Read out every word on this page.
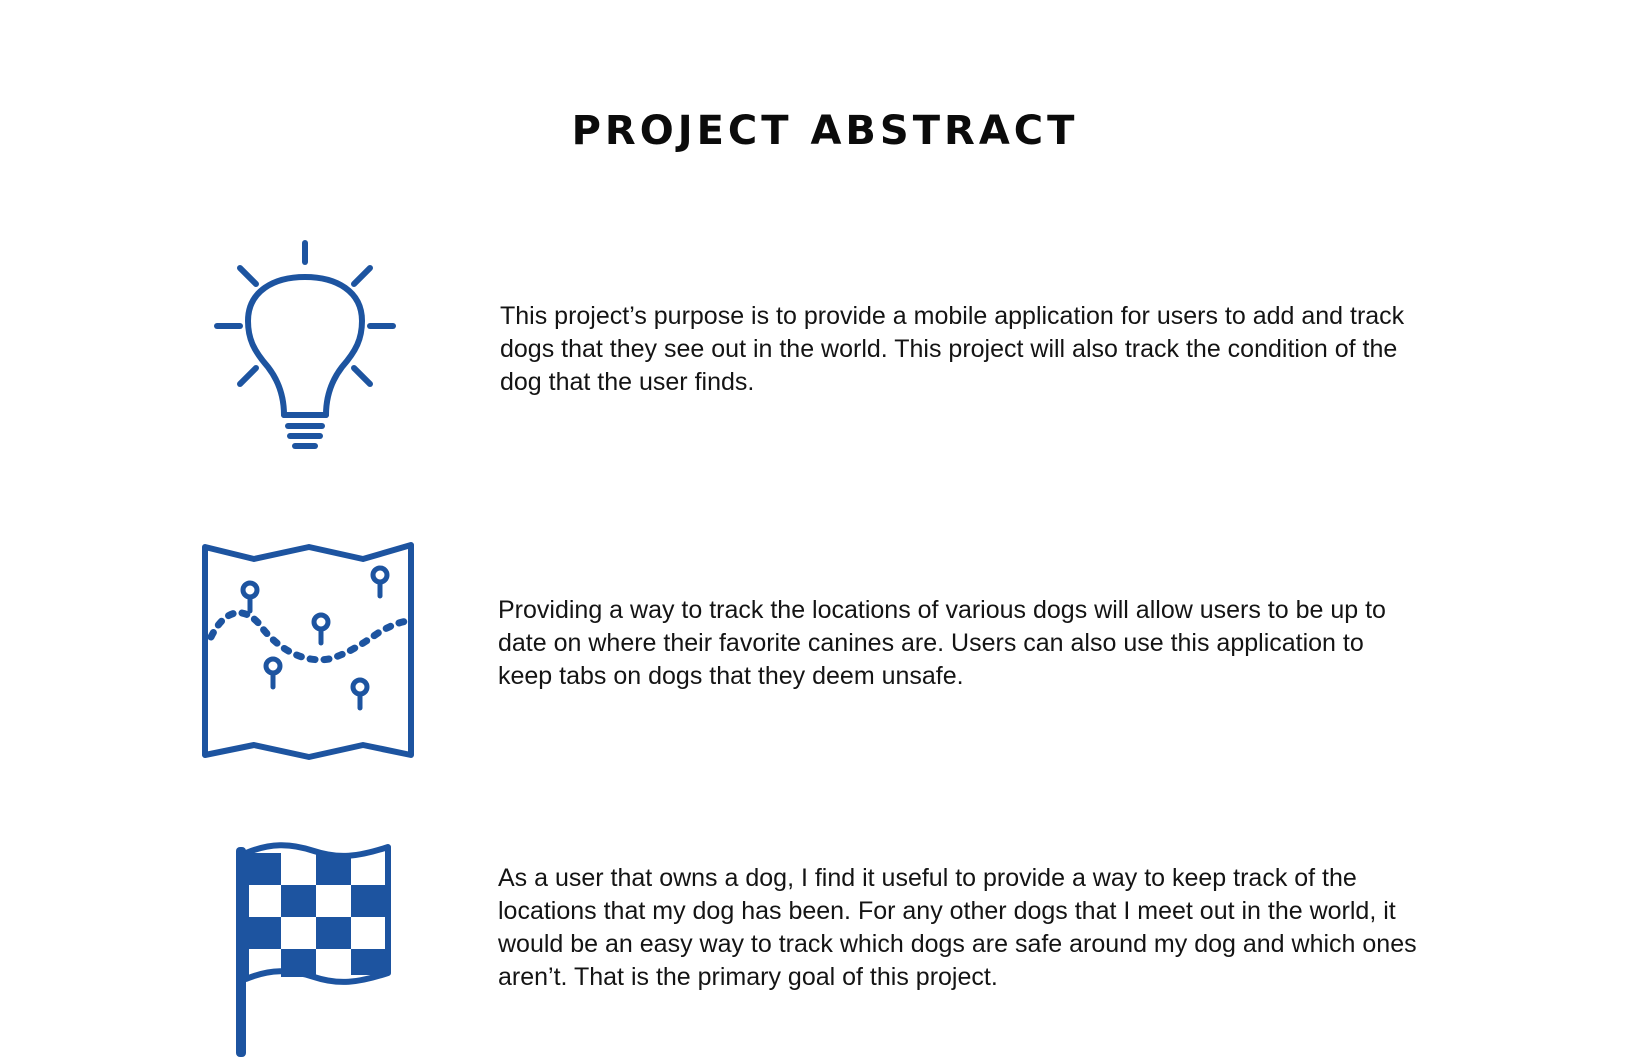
PROJECT ABSTRACT

This project’s purpose is to provide a mobile application for users to add and track dogs that they see out in the world. This project will also track the condition of the dog that the user finds.

Providing a way to track the locations of various dogs will allow users to be up to date on where their favorite canines are. Users can also use this application to keep tabs on dogs that they deem unsafe.

As a user that owns a dog, I find it useful to provide a way to keep track of the locations that my dog has been. For any other dogs that I meet out in the world, it would be an easy way to track which dogs are safe around my dog and which ones aren’t. That is the primary goal of this project.
